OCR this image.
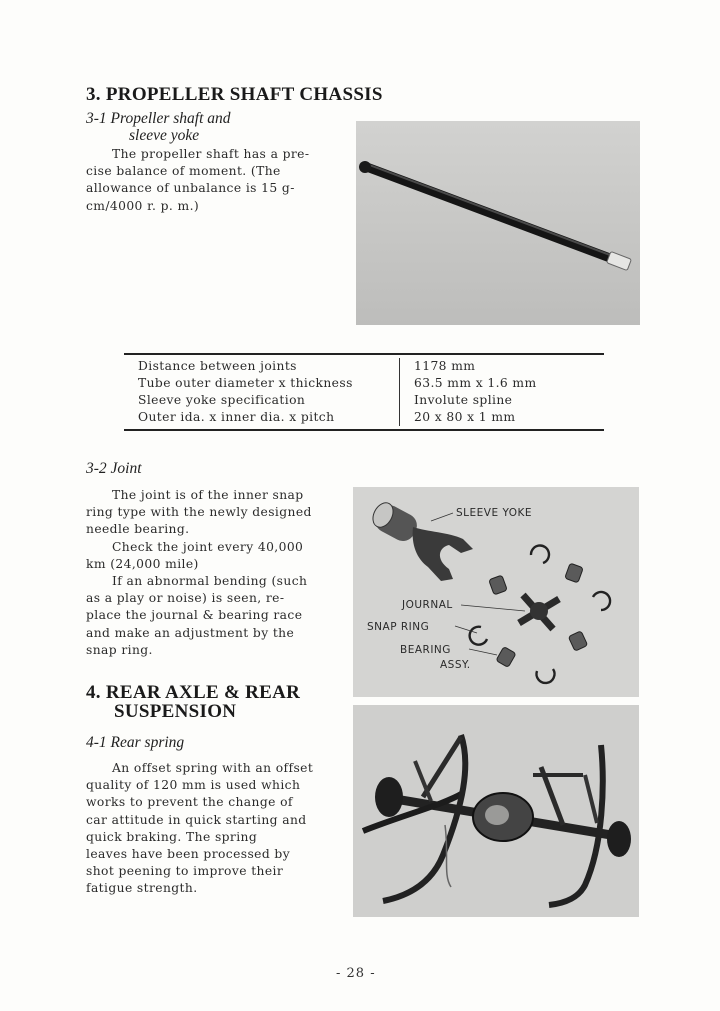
3. PROPELLER SHAFT CHASSIS
3-1 Propeller shaft and
sleeve yoke
The propeller shaft has a pre-
cise balance of moment. (The
allowance of unbalance is 15 g-
cm/4000 r. p. m.)
Distance between joints	1178 mm
Tube outer diameter x thickness	63.5 mm x 1.6 mm
Sleeve yoke specification	Involute spline
Outer ida. x inner dia. x pitch	20 x 80 x 1 mm
3-2 Joint
The joint is of the inner snap
ring type with the newly designed
needle bearing.
Check the joint every 40,000
km (24,000 mile)
If an abnormal bending (such
as a play or noise) is seen, re-
place the journal & bearing race
and make an adjustment by the
snap ring.
SLEEVE YOKE
JOURNAL
SNAP RING
BEARING
ASSY.
4. REAR AXLE & REAR
SUSPENSION
4-1 Rear spring
An offset spring with an offset
quality of 120 mm is used which
works to prevent the change of
car attitude in quick starting and
quick braking. The spring
leaves have been processed by
shot peening to improve their
fatigue strength.
- 28 -
